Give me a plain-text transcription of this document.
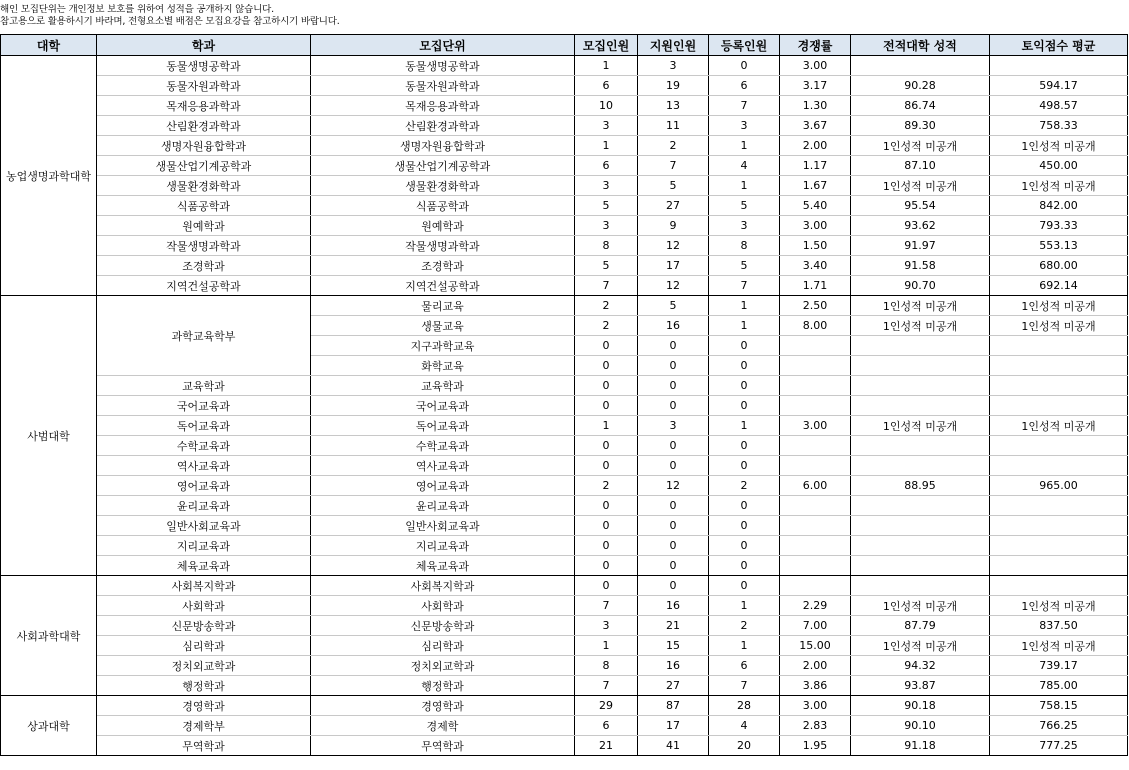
해인 모집단위는 개인정보 보호를 위하여 성적을 공개하지 않습니다.
참고용으로 활용하시기 바라며, 전형요소별 배점은 모집요강을 참고하시기 바랍니다.
대학	학과	모집단위	모집인원	지원인원	등록인원	경쟁률	전적대학 성적	토익점수 평균
농업생명과학대학	동물생명공학과	동물생명공학과	1	3	0	3.00		
	동물자원과학과	동물자원과학과	6	19	6	3.17	90.28	594.17
	목재응용과학과	목재응용과학과	10	13	7	1.30	86.74	498.57
	산림환경과학과	산림환경과학과	3	11	3	3.67	89.30	758.33
	생명자원융합학과	생명자원융합학과	1	2	1	2.00	1인성적 미공개	1인성적 미공개
	생물산업기계공학과	생물산업기계공학과	6	7	4	1.17	87.10	450.00
	생물환경화학과	생물환경화학과	3	5	1	1.67	1인성적 미공개	1인성적 미공개
	식품공학과	식품공학과	5	27	5	5.40	95.54	842.00
	원예학과	원예학과	3	9	3	3.00	93.62	793.33
	작물생명과학과	작물생명과학과	8	12	8	1.50	91.97	553.13
	조경학과	조경학과	5	17	5	3.40	91.58	680.00
	지역건설공학과	지역건설공학과	7	12	7	1.71	90.70	692.14
사범대학	과학교육학부	물리교육	2	5	1	2.50	1인성적 미공개	1인성적 미공개
		생물교육	2	16	1	8.00	1인성적 미공개	1인성적 미공개
		지구과학교육	0	0	0			
		화학교육	0	0	0			
	교육학과	교육학과	0	0	0			
	국어교육과	국어교육과	0	0	0			
	독어교육과	독어교육과	1	3	1	3.00	1인성적 미공개	1인성적 미공개
	수학교육과	수학교육과	0	0	0			
	역사교육과	역사교육과	0	0	0			
	영어교육과	영어교육과	2	12	2	6.00	88.95	965.00
	윤리교육과	윤리교육과	0	0	0			
	일반사회교육과	일반사회교육과	0	0	0			
	지리교육과	지리교육과	0	0	0			
	체육교육과	체육교육과	0	0	0			
사회과학대학	사회복지학과	사회복지학과	0	0	0			
	사회학과	사회학과	7	16	1	2.29	1인성적 미공개	1인성적 미공개
	신문방송학과	신문방송학과	3	21	2	7.00	87.79	837.50
	심리학과	심리학과	1	15	1	15.00	1인성적 미공개	1인성적 미공개
	정치외교학과	정치외교학과	8	16	6	2.00	94.32	739.17
	행정학과	행정학과	7	27	7	3.86	93.87	785.00
상과대학	경영학과	경영학과	29	87	28	3.00	90.18	758.15
	경제학부	경제학	6	17	4	2.83	90.10	766.25
	무역학과	무역학과	21	41	20	1.95	91.18	777.25
